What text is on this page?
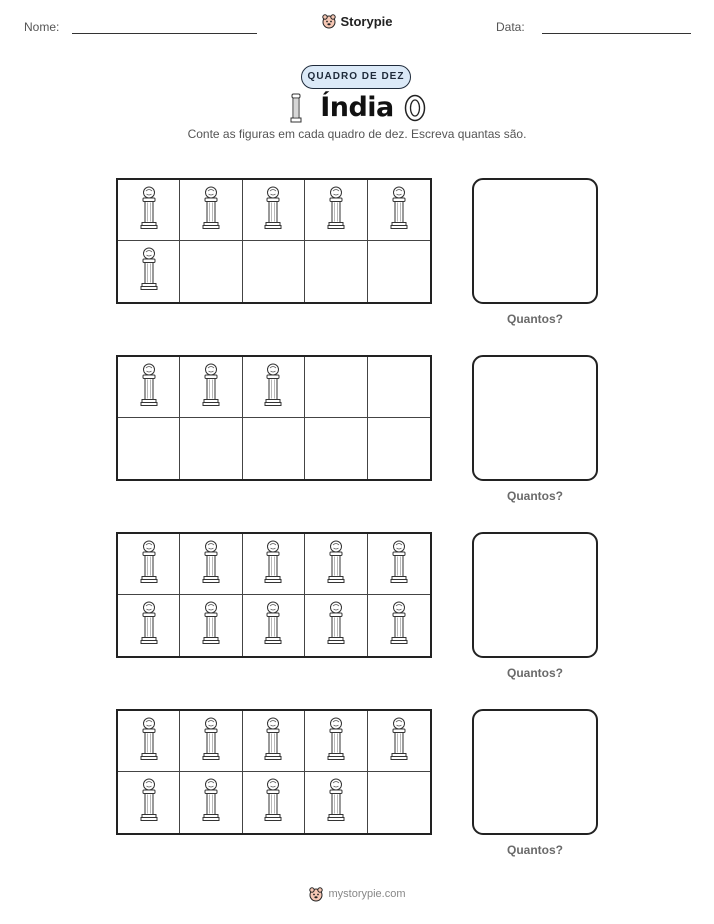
Nome:	Storypie	Data:
QUADRO DE DEZ
Índia
Conte as figuras em cada quadro de dez. Escreva quantas são.
Quantos?
Quantos?
Quantos?
Quantos?
mystorypie.com
